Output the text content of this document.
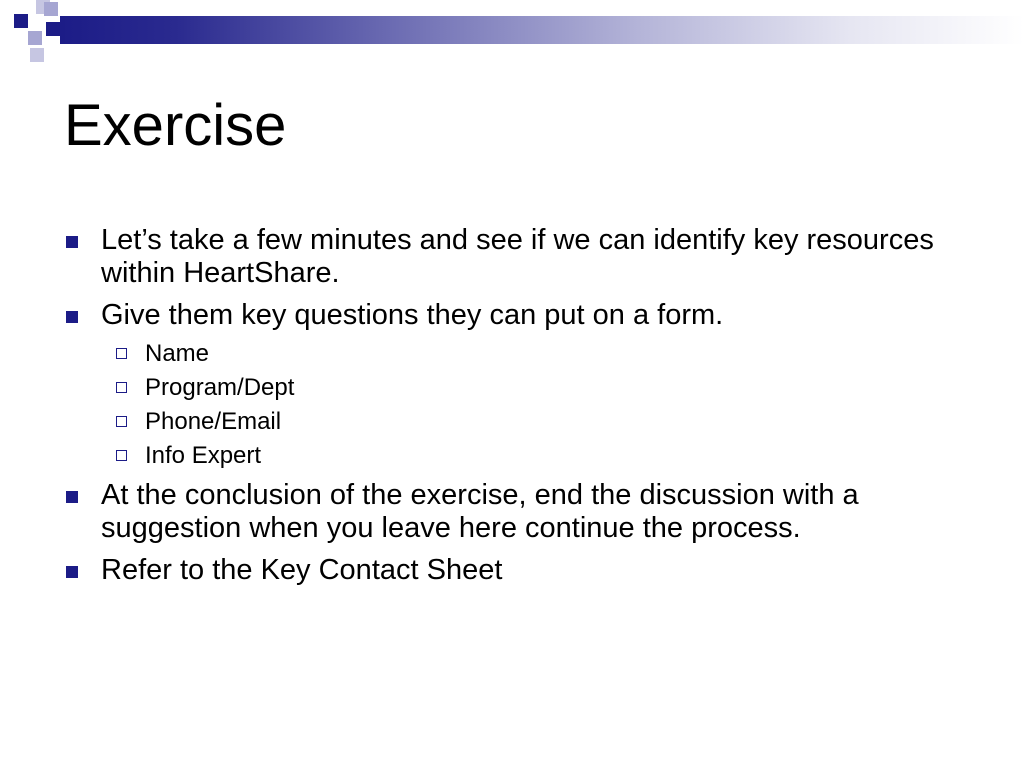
Exercise
Let’s take a few minutes and see if we can identify key resources within HeartShare.
Give them key questions they can put on a form.
Name
Program/Dept
Phone/Email
Info Expert
At the conclusion of the exercise, end the discussion with a suggestion when you leave here continue the process.
Refer to the Key Contact Sheet
